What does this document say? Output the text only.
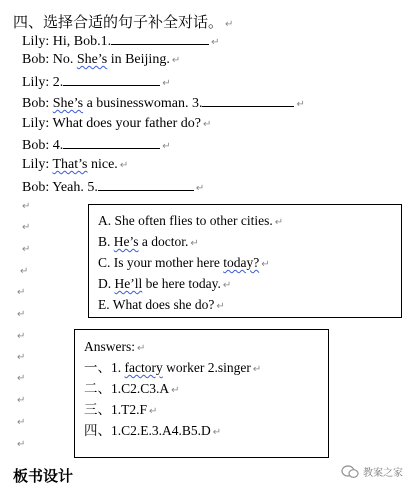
四、选择合适的句子补全对话。 ↵
Lily: Hi, Bob.1.	↵
Bob: No. She’s in Beijing. ↵
Lily: 2.	↵
Bob: She’s a businesswoman. 3.	↵
Lily: What does your father do? ↵
Bob: 4.	↵
Lily: That’s nice. ↵
Bob: Yeah. 5.	↵
↵
↵
↵
↵
↵
↵
↵
↵
↵
↵
↵
↵
A. She often flies to other cities. ↵
B. He’s a doctor. ↵
C. Is your mother here today? ↵
D. He’ll be here today. ↵
E. What does she do? ↵
Answers: ↵
一、1. factory worker 2.singer ↵
二、1.C2.C3.A ↵
三、1.T2.F ↵
四、1.C2.E.3.A4.B5.D ↵
板书设计	教案之家
